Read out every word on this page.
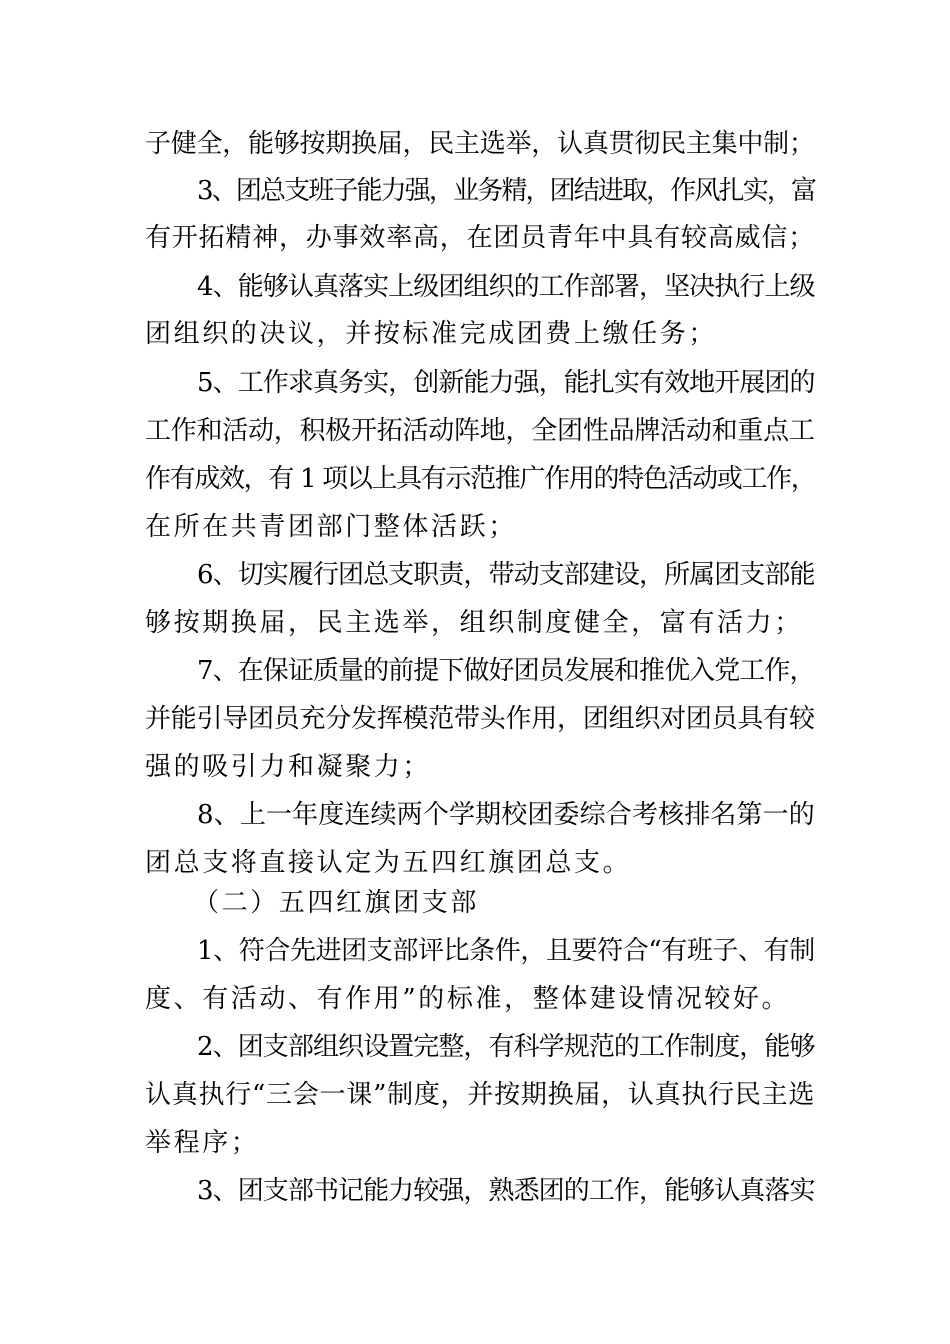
子健全，能够按期换届，民主选举，认真贯彻民主集中制；
3、团总支班子能力强，业务精，团结进取，作风扎实，富
有开拓精神，办事效率高，在团员青年中具有较高威信；
4、能够认真落实上级团组织的工作部署，坚决执行上级
团组织的决议，并按标准完成团费上缴任务；
5、工作求真务实，创新能力强，能扎实有效地开展团的
工作和活动，积极开拓活动阵地，全团性品牌活动和重点工
作有成效，有 1 项以上具有示范推广作用的特色活动或工作，
在所在共青团部门整体活跃；
6、切实履行团总支职责，带动支部建设，所属团支部能
够按期换届，民主选举，组织制度健全，富有活力；
7、在保证质量的前提下做好团员发展和推优入党工作，
并能引导团员充分发挥模范带头作用，团组织对团员具有较
强的吸引力和凝聚力；
8、上一年度连续两个学期校团委综合考核排名第一的
团总支将直接认定为五四红旗团总支。
（二）五四红旗团支部
1、符合先进团支部评比条件，且要符合“有班子、有制
度、有活动、有作用”的标准，整体建设情况较好。
2、团支部组织设置完整，有科学规范的工作制度，能够
认真执行“三会一课”制度，并按期换届，认真执行民主选
举程序；
3、团支部书记能力较强，熟悉团的工作，能够认真落实
